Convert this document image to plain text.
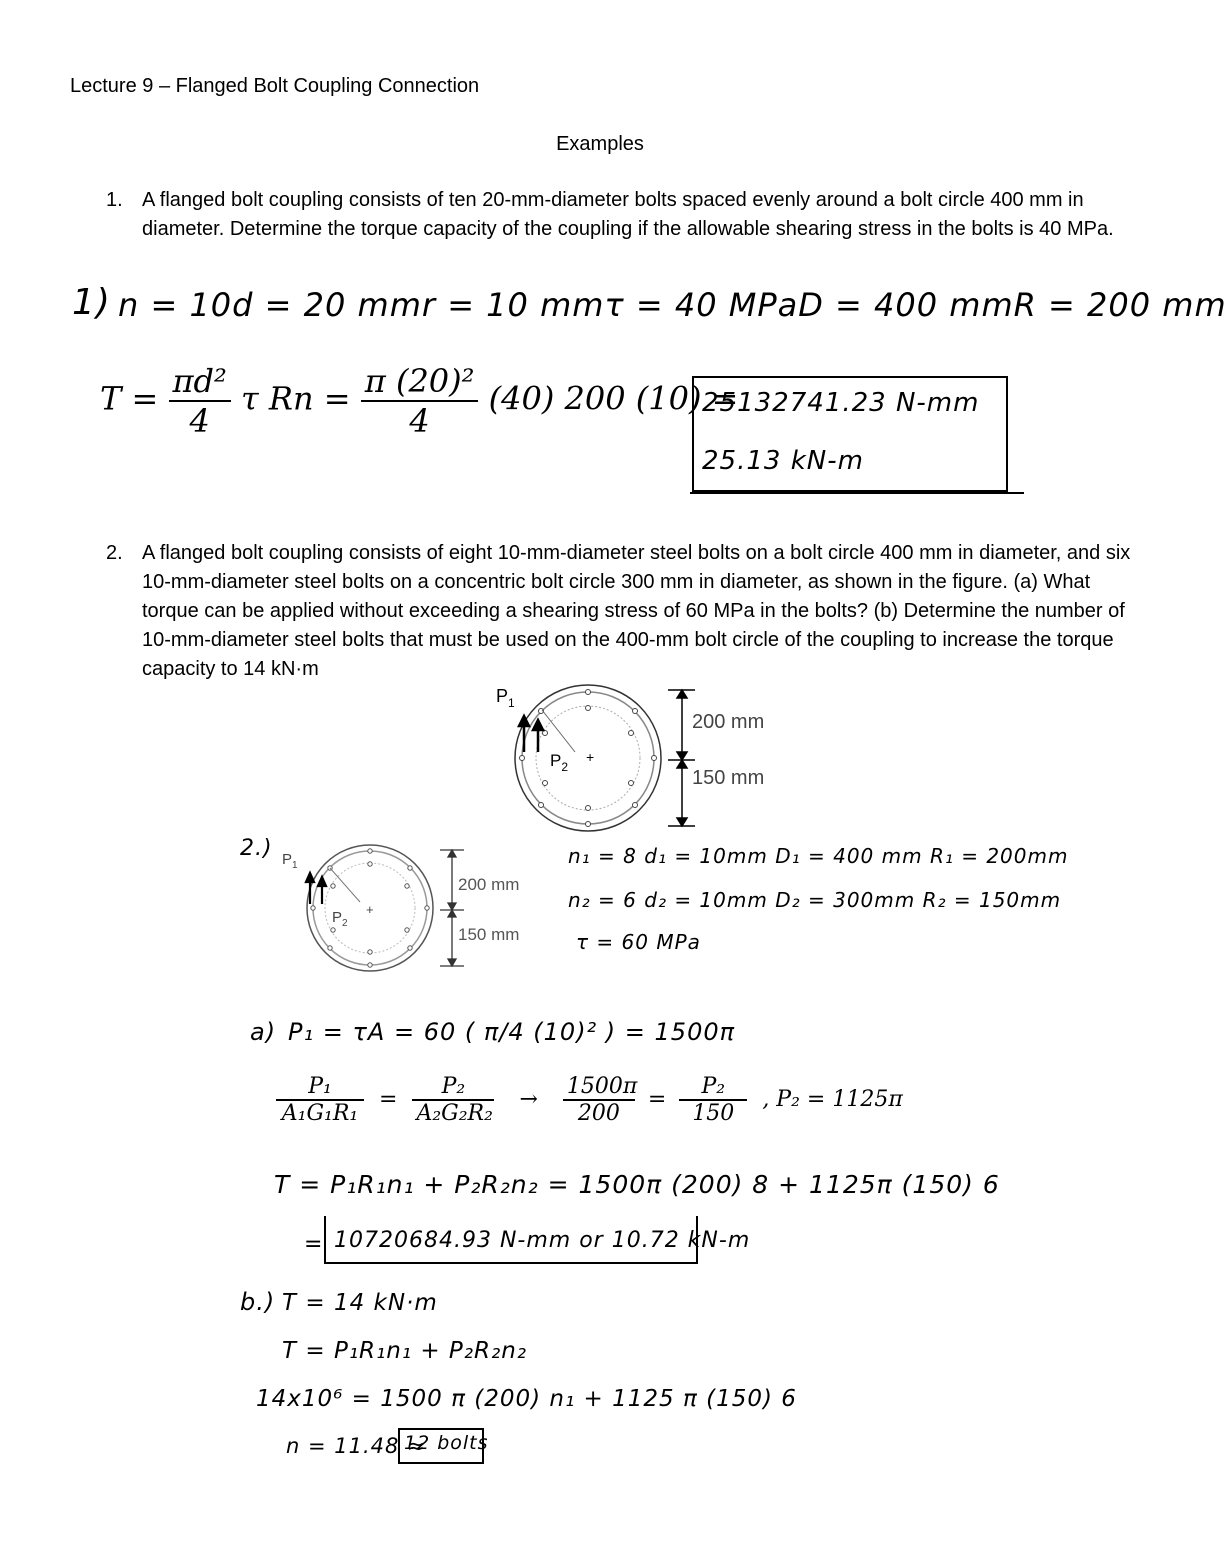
Lecture 9 – Flanged Bolt Coupling Connection
Examples
1. A flanged bolt coupling consists of ten 20-mm-diameter bolts spaced evenly around a bolt circle 400 mm in diameter. Determine the torque capacity of the coupling if the allowable shearing stress in the bolts is 40 MPa.
1) n = 10 d = 20 mm r = 10 mm τ = 40 MPa D = 400 mm R = 200 mm
$T = \frac{\text{πd²}}{4}$ τ $Rn = \frac{\text{π (20)²}}{4} (40)$ 200 (10) =
25132741.23 N-mm
25.13 kN-m
2. A flanged bolt coupling consists of eight 10-mm-diameter steel bolts on a bolt circle 400 mm in diameter, and six 10-mm-diameter steel bolts on a concentric bolt circle 300 mm in diameter, as shown in the figure. (a) What torque can be applied without exceeding a shearing stress of 60 MPa in the bolts? (b) Determine the number of 10-mm-diameter steel bolts that must be used on the 400-mm bolt circle of the coupling to increase the torque capacity to 14 kN·m
+
$P_1$
$P_2$
200 mm
150 mm
2.)
+
$P_1$
$P_2$
200 mm
150 mm
n₁ = 8 d₁ = 10mm D₁ = 400 mm R₁ = 200mm
n₂ = 6 d₂ = 10mm D₂ = 300mm R₂ = 150mm
τ = 60 MPa
a) P₁ = τA = 60 ( π/4 (10)² ) = 1500π
$\frac{\text{P₁}}{\text{A₁G₁R₁}} = \frac{\text{P₂}}{\text{A₂G₂R₂}} \to \frac{1500\pi}{200} = \frac{\text{P₂}}{150}$ , P₂ = 1125π
T = P₁R₁n₁ + P₂R₂n₂ = 1500π (200) 8 + 1125π (150) 6
= 10720684.93 N-mm or 10.72 kN-m
b.) T = 14 kN·m
T = P₁R₁n₁ + P₂R₂n₂
14x10⁶ = 1500 π (200) n₁ + 1125 π (150) 6
n = 11.48 ≈
12 bolts
